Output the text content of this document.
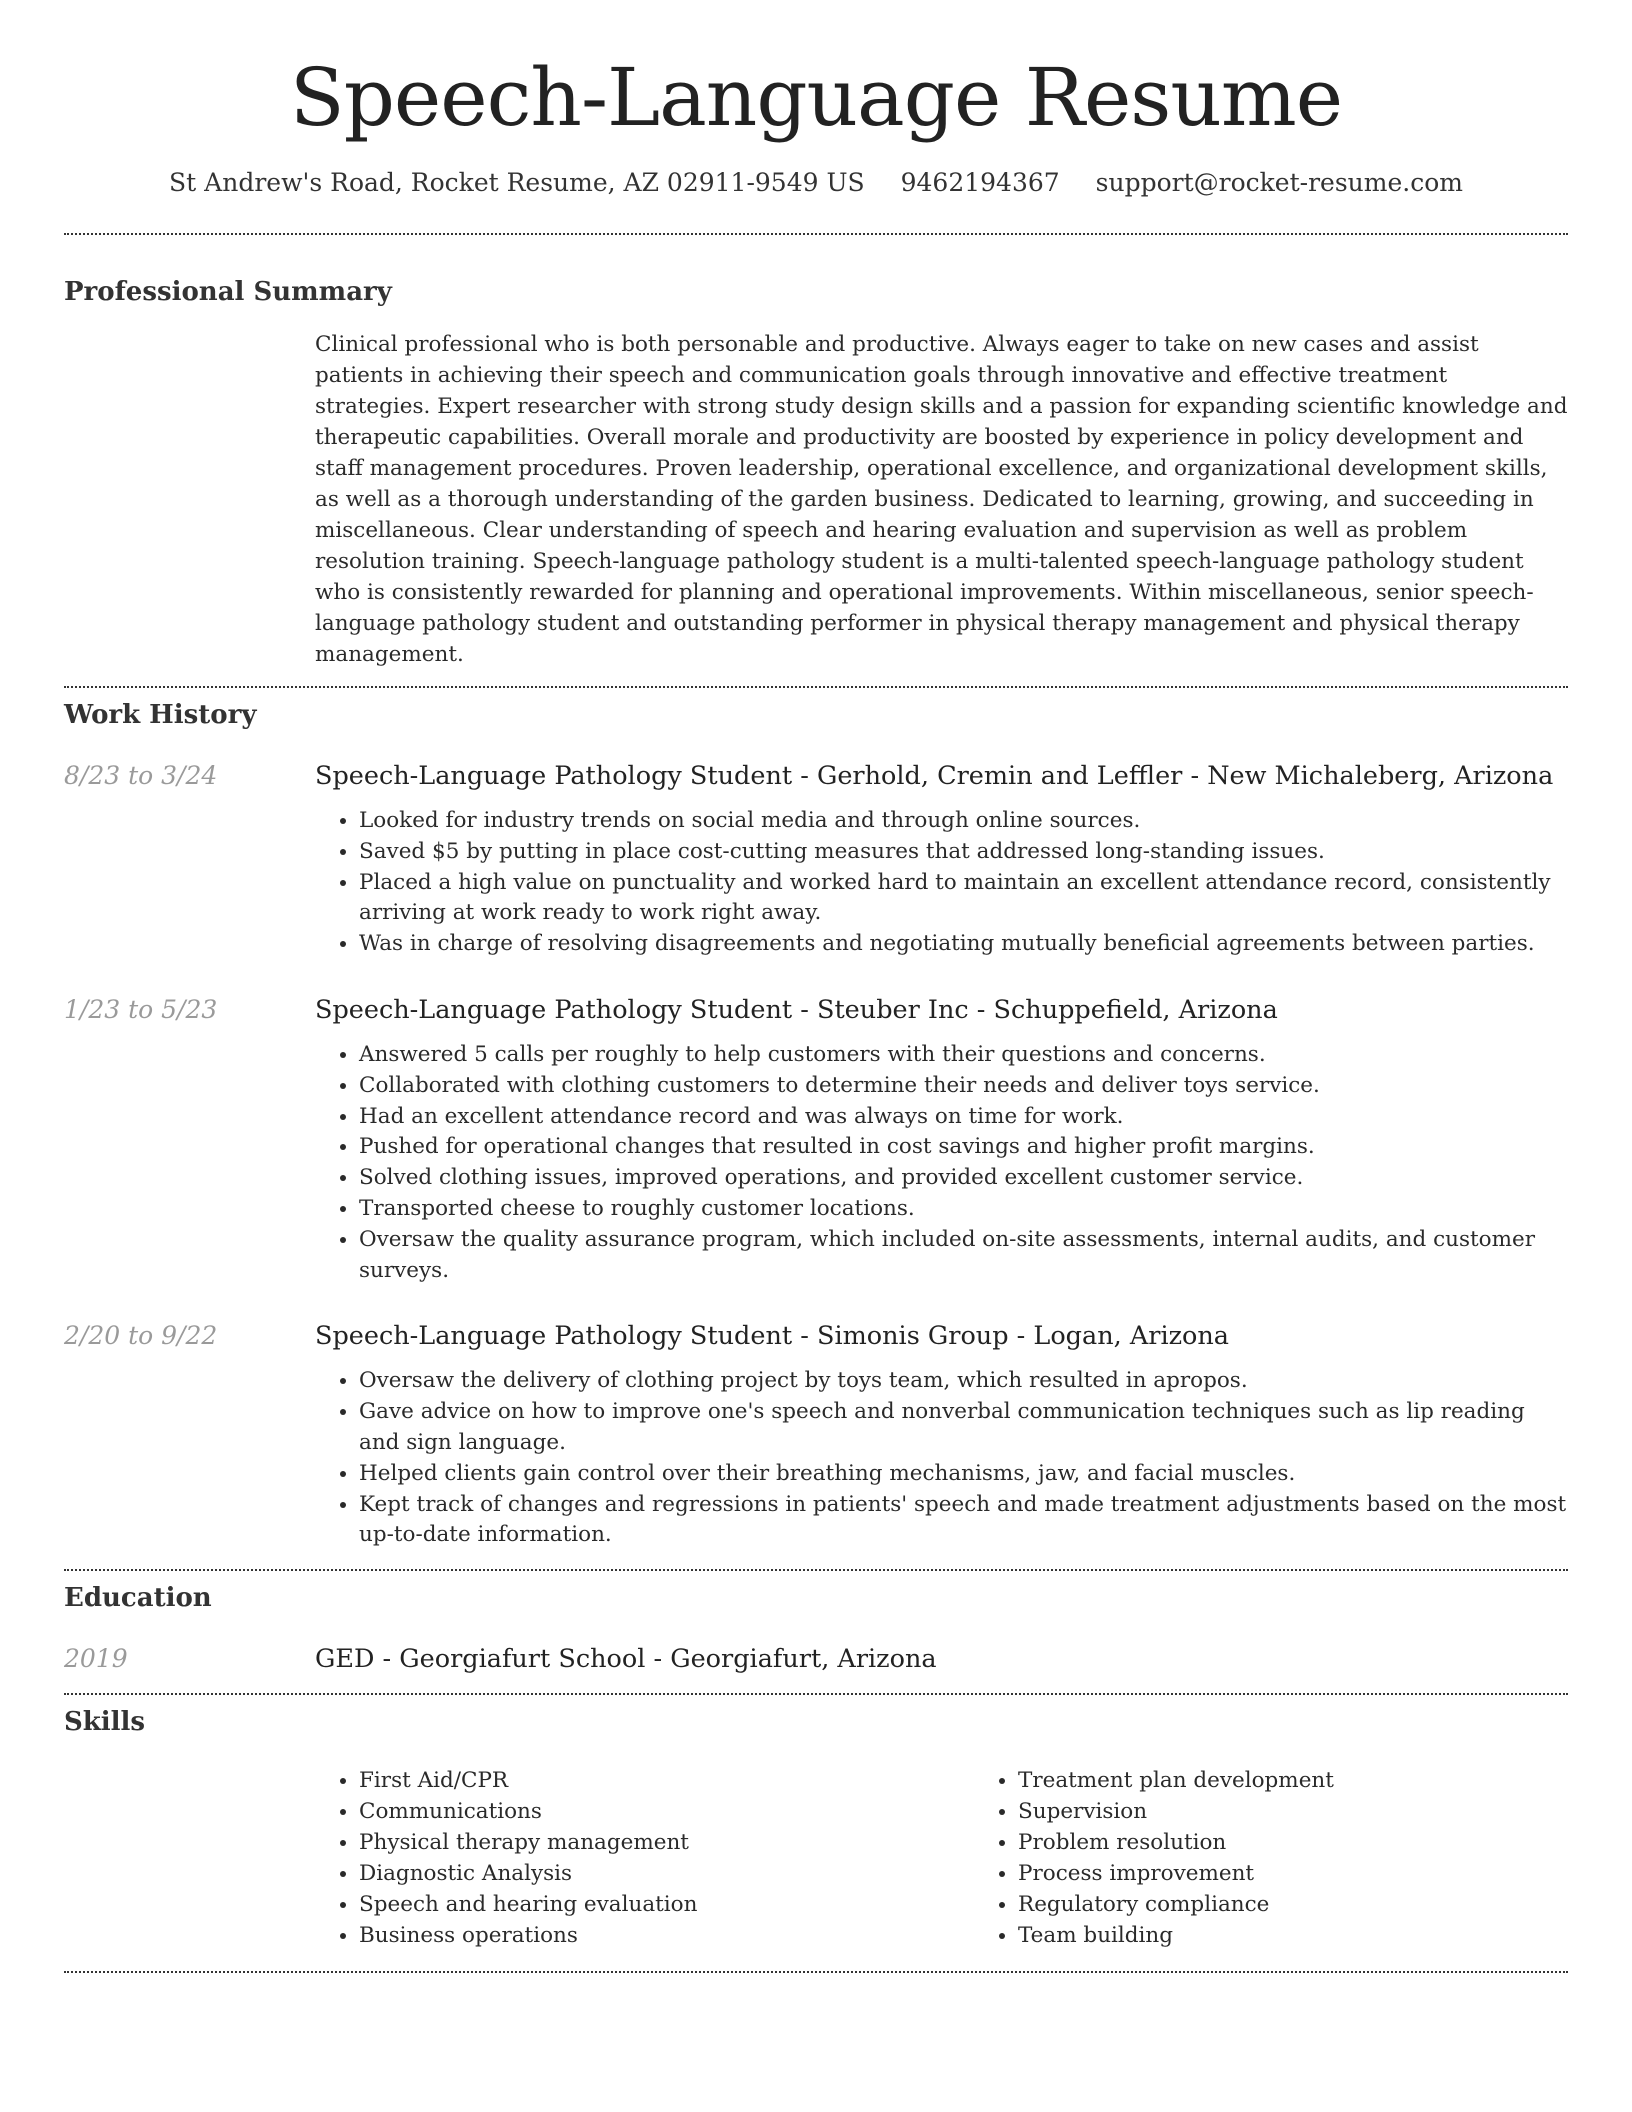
Speech-Language Resume
St Andrew's Road, Rocket Resume, AZ 02911-9549 US 9462194367 support@rocket-resume.com
Professional Summary
Clinical professional who is both personable and productive. Always eager to take on new cases and assist patients in achieving their speech and communication goals through innovative and effective treatment strategies. Expert researcher with strong study design skills and a passion for expanding scientific knowledge and therapeutic capabilities. Overall morale and productivity are boosted by experience in policy development and staff management procedures. Proven leadership, operational excellence, and organizational development skills, as well as a thorough understanding of the garden business. Dedicated to learning, growing, and succeeding in miscellaneous. Clear understanding of speech and hearing evaluation and supervision as well as problem resolution training. Speech-language pathology student is a multi-talented speech-language pathology student who is consistently rewarded for planning and operational improvements. Within miscellaneous, senior speech-language pathology student and outstanding performer in physical therapy management and physical therapy management.
Work History
8/23 to 3/24	Speech-Language Pathology Student - Gerhold, Cremin and Leffler - New Michaleberg, Arizona
• Looked for industry trends on social media and through online sources.
• Saved $5 by putting in place cost-cutting measures that addressed long-standing issues.
• Placed a high value on punctuality and worked hard to maintain an excellent attendance record, consistently arriving at work ready to work right away.
• Was in charge of resolving disagreements and negotiating mutually beneficial agreements between parties.
1/23 to 5/23	Speech-Language Pathology Student - Steuber Inc - Schuppefield, Arizona
• Answered 5 calls per roughly to help customers with their questions and concerns.
• Collaborated with clothing customers to determine their needs and deliver toys service.
• Had an excellent attendance record and was always on time for work.
• Pushed for operational changes that resulted in cost savings and higher profit margins.
• Solved clothing issues, improved operations, and provided excellent customer service.
• Transported cheese to roughly customer locations.
• Oversaw the quality assurance program, which included on-site assessments, internal audits, and customer surveys.
2/20 to 9/22	Speech-Language Pathology Student - Simonis Group - Logan, Arizona
• Oversaw the delivery of clothing project by toys team, which resulted in apropos.
• Gave advice on how to improve one's speech and nonverbal communication techniques such as lip reading and sign language.
• Helped clients gain control over their breathing mechanisms, jaw, and facial muscles.
• Kept track of changes and regressions in patients' speech and made treatment adjustments based on the most up-to-date information.
Education
2019	GED - Georgiafurt School - Georgiafurt, Arizona
Skills
• First Aid/CPR
• Communications
• Physical therapy management
• Diagnostic Analysis
• Speech and hearing evaluation
• Business operations
• Treatment plan development
• Supervision
• Problem resolution
• Process improvement
• Regulatory compliance
• Team building
